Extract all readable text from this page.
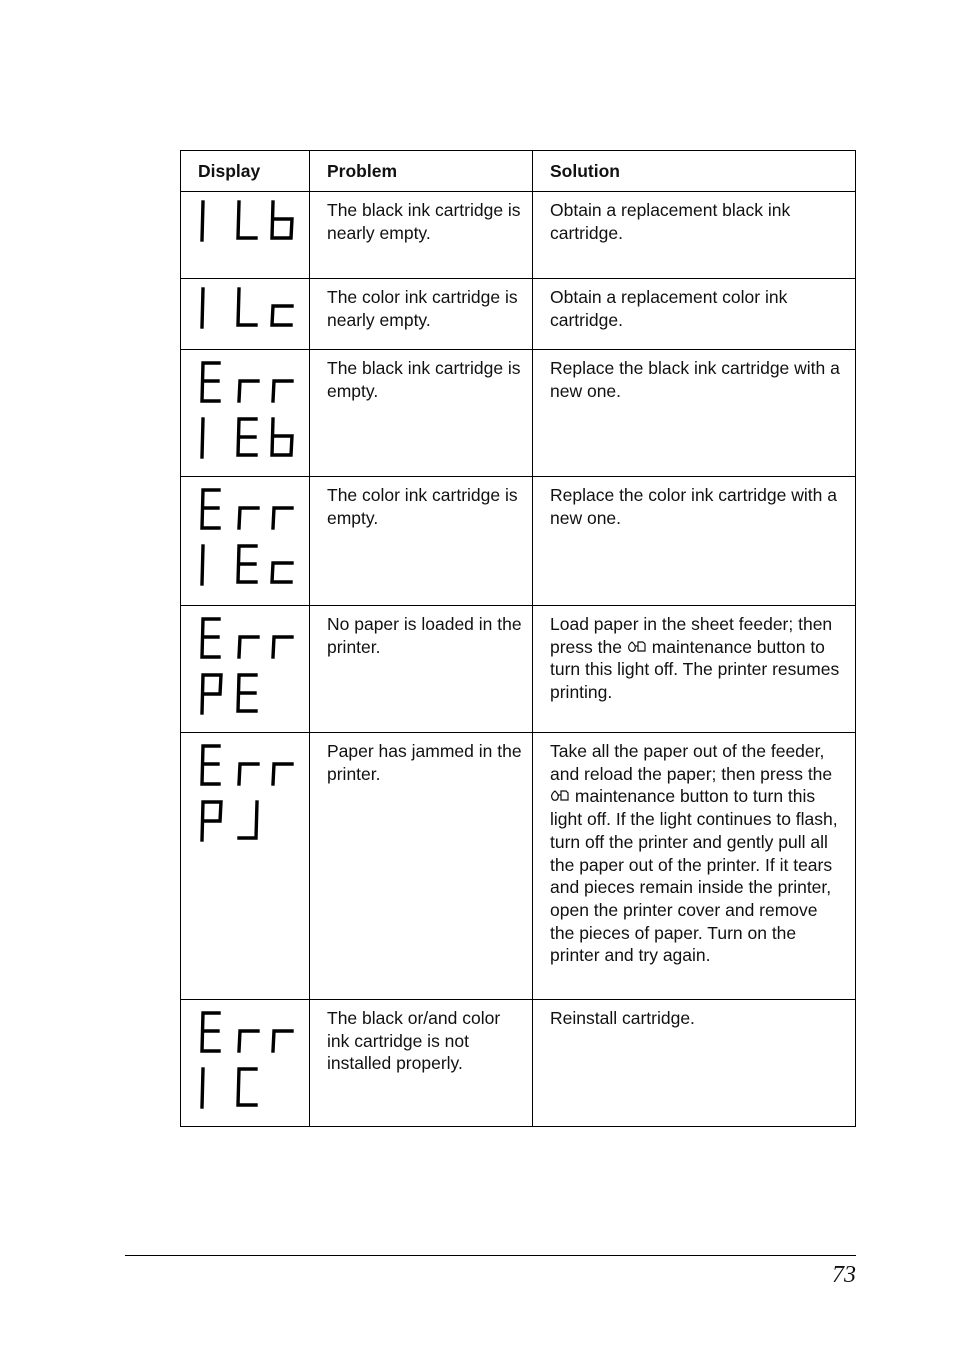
Display	Problem	Solution

	The black ink cartridge is nearly empty.	Obtain a replacement black ink cartridge.

	The color ink cartridge is nearly empty.	Obtain a replacement color ink cartridge.

	The black ink cartridge is empty.	Replace the black ink cartridge with a new one.

	The color ink cartridge is empty.	Replace the color ink cartridge with a new one.

	No paper is loaded in the printer.	Load paper in the sheet feeder; then press the maintenance button to turn this light off. The printer resumes printing.

	Paper has jammed in the printer.	Take all the paper out of the feeder, and reload the paper; then press the  maintenance button to turn this light off. If the light continues to flash, turn off the printer and gently pull all the paper out of the printer. If it tears and pieces remain inside the printer, open the printer cover and remove the pieces of paper. Turn on the printer and try again.

	The black or/and color ink cartridge is not installed properly.	Reinstall cartridge.
73
